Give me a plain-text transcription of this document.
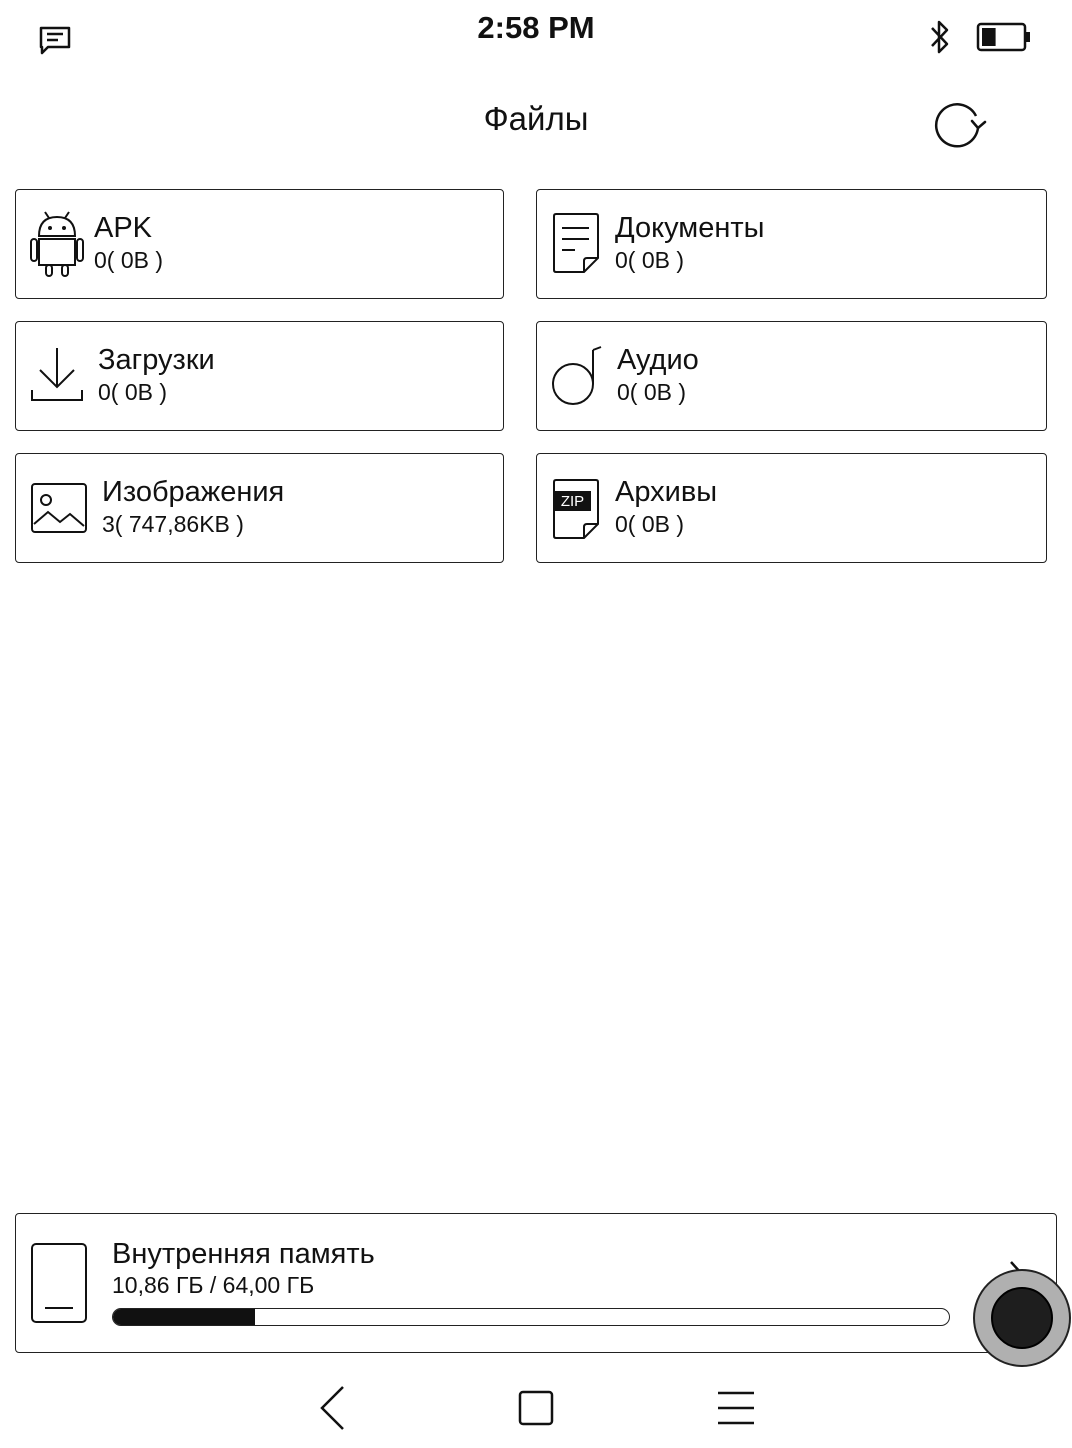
2:58 PM
Файлы
APK
0( 0B )
Документы
0( 0B )
Загрузки
0( 0B )
Аудио
0( 0B )
Изображения
3( 747,86KB )
ZIP Архивы
0( 0B )
Внутренняя память
10,86 ГБ / 64,00 ГБ
